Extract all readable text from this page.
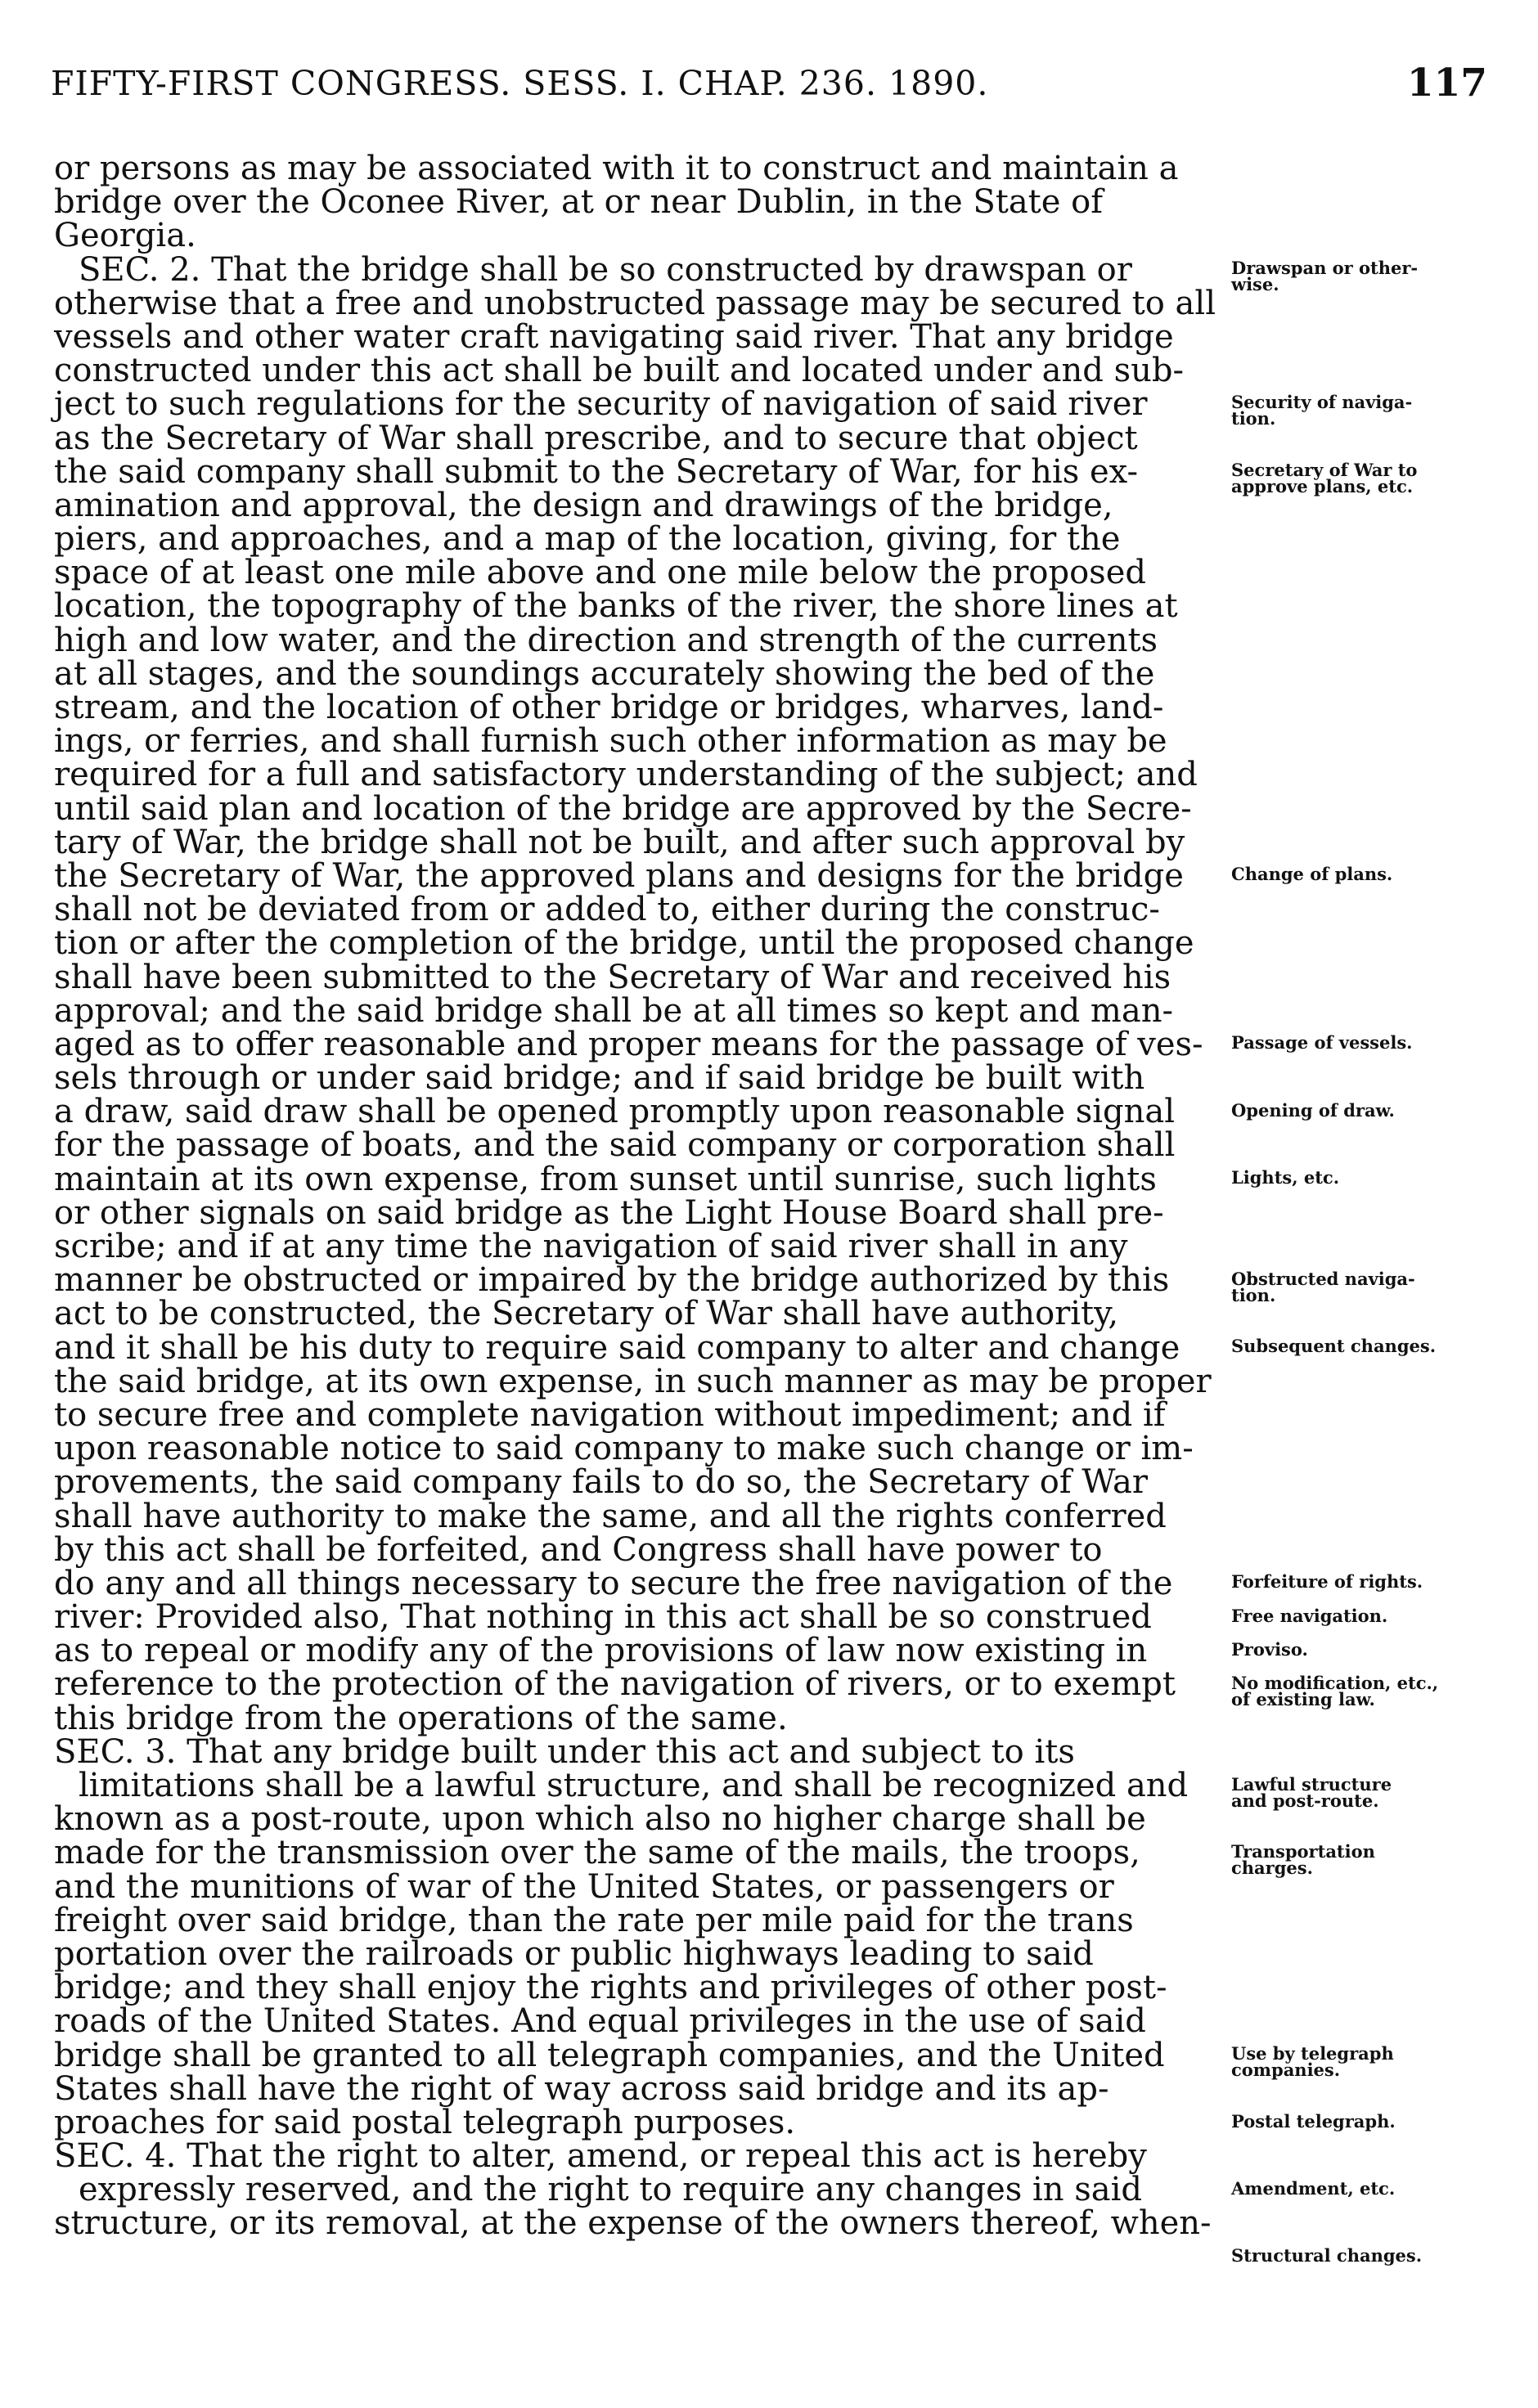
FIFTY-FIRST CONGRESS. SESS. I. CHAP. 236. 1890.	117
or persons as may be associated with it to construct and maintain a
bridge over the Oconee River, at or near Dublin, in the State of
Georgia.
SEC. 2. That the bridge shall be so constructed by drawspan or
otherwise that a free and unobstructed passage may be secured to all
vessels and other water craft navigating said river. That any bridge
constructed under this act shall be built and located under and sub-
ject to such regulations for the security of navigation of said river
as the Secretary of War shall prescribe, and to secure that object
the said company shall submit to the Secretary of War, for his ex-
amination and approval, the design and drawings of the bridge,
piers, and approaches, and a map of the location, giving, for the
space of at least one mile above and one mile below the proposed
location, the topography of the banks of the river, the shore lines at
high and low water, and the direction and strength of the currents
at all stages, and the soundings accurately showing the bed of the
stream, and the location of other bridge or bridges, wharves, land-
ings, or ferries, and shall furnish such other information as may be
required for a full and satisfactory understanding of the subject; and
until said plan and location of the bridge are approved by the Secre-
tary of War, the bridge shall not be built, and after such approval by
the Secretary of War, the approved plans and designs for the bridge
shall not be deviated from or added to, either during the construc-
tion or after the completion of the bridge, until the proposed change
shall have been submitted to the Secretary of War and received his
approval; and the said bridge shall be at all times so kept and man-
aged as to offer reasonable and proper means for the passage of ves-
sels through or under said bridge; and if said bridge be built with
a draw, said draw shall be opened promptly upon reasonable signal
for the passage of boats, and the said company or corporation shall
maintain at its own expense, from sunset until sunrise, such lights
or other signals on said bridge as the Light House Board shall pre-
scribe; and if at any time the navigation of said river shall in any
manner be obstructed or impaired by the bridge authorized by this
act to be constructed, the Secretary of War shall have authority,
and it shall be his duty to require said company to alter and change
the said bridge, at its own expense, in such manner as may be proper
to secure free and complete navigation without impediment; and if
upon reasonable notice to said company to make such change or im-
provements, the said company fails to do so, the Secretary of War
shall have authority to make the same, and all the rights conferred
by this act shall be forfeited, and Congress shall have power to
do any and all things necessary to secure the free navigation of the
river: Provided also, That nothing in this act shall be so construed
as to repeal or modify any of the provisions of law now existing in
reference to the protection of the navigation of rivers, or to exempt
this bridge from the operations of the same.
SEC. 3. That any bridge built under this act and subject to its
limitations shall be a lawful structure, and shall be recognized and
known as a post-route, upon which also no higher charge shall be
made for the transmission over the same of the mails, the troops,
and the munitions of war of the United States, or passengers or
freight over said bridge, than the rate per mile paid for the trans
portation over the railroads or public highways leading to said
bridge; and they shall enjoy the rights and privileges of other post-
roads of the United States. And equal privileges in the use of said
bridge shall be granted to all telegraph companies, and the United
States shall have the right of way across said bridge and its ap-
proaches for said postal telegraph purposes.
SEC. 4. That the right to alter, amend, or repeal this act is hereby
expressly reserved, and the right to require any changes in said
structure, or its removal, at the expense of the owners thereof, when-
Drawspan or other-
wise.
Security of naviga-
tion.
Secretary of War to
approve plans, etc.
Change of plans.
Passage of vessels.
Opening of draw.
Lights, etc.
Obstructed naviga-
tion.
Subsequent changes.
Forfeiture of rights.
Free navigation.
Proviso.
No modification, etc.,
of existing law.
Lawful structure
and post-route.
Transportation
charges.
Use by telegraph
companies.
Postal telegraph.
Amendment, etc.
Structural changes.
